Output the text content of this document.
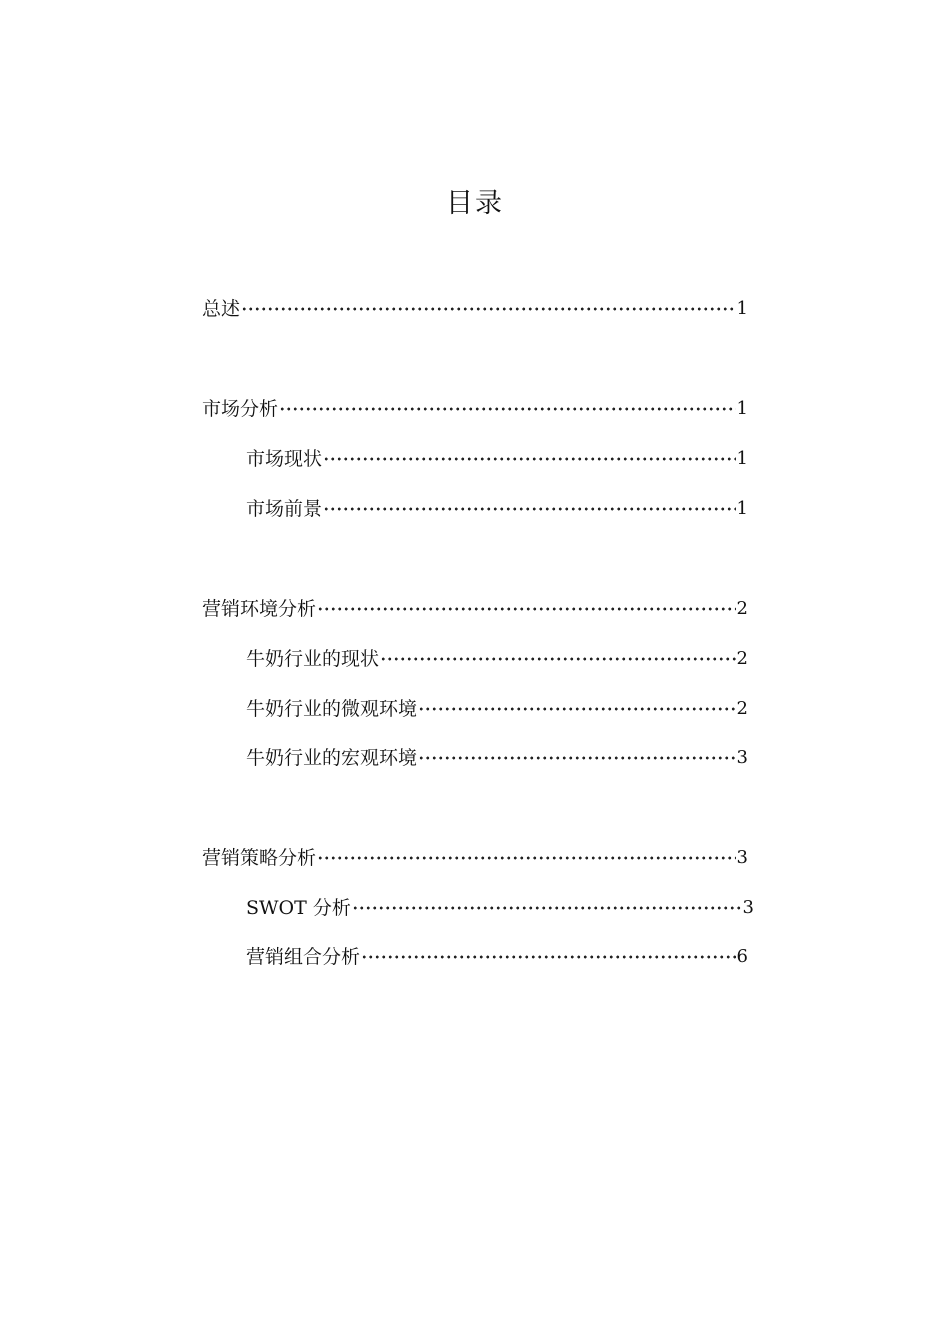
目录
总述	1
市场分析	1
市场现状	1
市场前景	1
营销环境分析	2
牛奶行业的现状	2
牛奶行业的微观环境	2
牛奶行业的宏观环境	3
营销策略分析	3
SWOT 分析	3
营销组合分析	6
